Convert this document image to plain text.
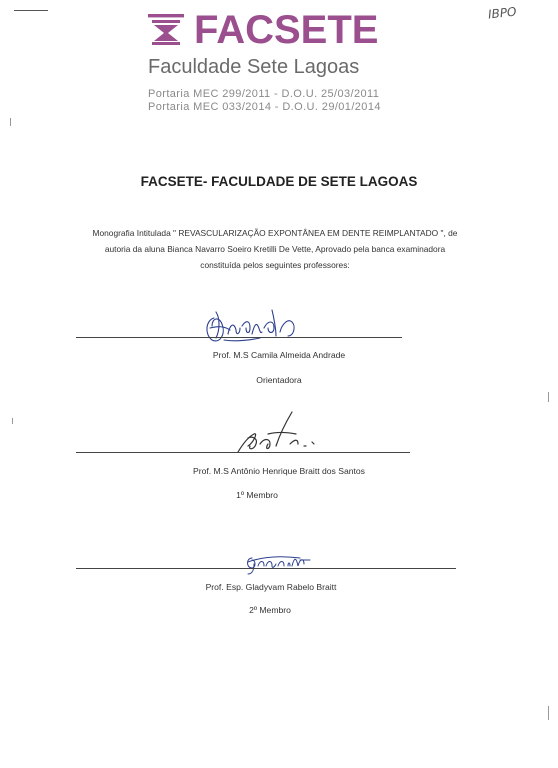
IBPO
FACSETE
Faculdade Sete Lagoas
Portaria MEC 299/2011 - D.O.U. 25/03/2011
Portaria MEC 033/2014 - D.O.U. 29/01/2014
FACSETE- FACULDADE DE SETE LAGOAS
Monografia Intitulada " REVASCULARIZAÇÃO EXPONTÂNEA EM DENTE REIMPLANTADO ", de
autoria da aluna Bianca Navarro Soeiro Kretilli De Vette, Aprovado pela banca examinadora
constituída pelos seguintes professores:
Prof. M.S Camila Almeida Andrade
Orientadora
Prof. M.S Antônio Henrique Braitt dos Santos
1º Membro
Prof. Esp. Gladyvam Rabelo Braitt
2º Membro
